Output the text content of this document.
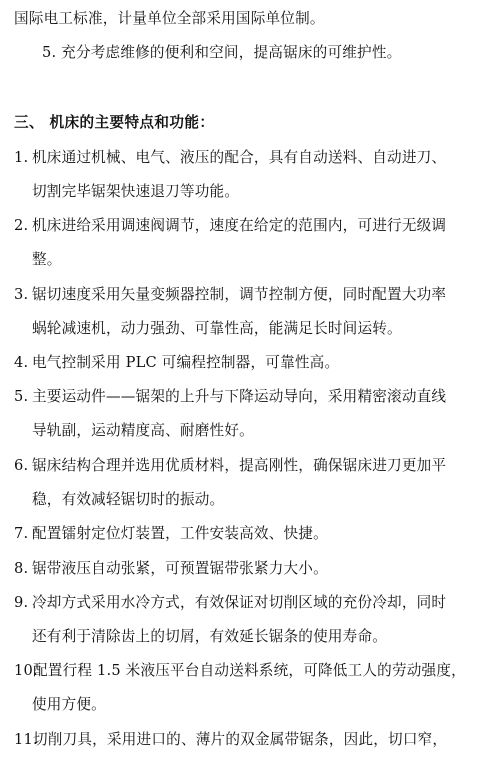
国际电工标准，计量单位全部采用国际单位制。
5. 充分考虑维修的便利和空间，提高锯床的可维护性。
三、 机床的主要特点和功能：
1. 机床通过机械、电气、液压的配合，具有自动送料、自动进刀、
切割完毕锯架快速退刀等功能。
2. 机床进给采用调速阀调节，速度在给定的范围内，可进行无级调
整。
3. 锯切速度采用矢量变频器控制，调节控制方便，同时配置大功率
蜗轮减速机，动力强劲、可靠性高，能满足长时间运转。
4. 电气控制采用 PLC 可编程控制器，可靠性高。
5. 主要运动件——锯架的上升与下降运动导向，采用精密滚动直线
导轨副，运动精度高、耐磨性好。
6. 锯床结构合理并选用优质材料，提高刚性，确保锯床进刀更加平
稳，有效减轻锯切时的振动。
7. 配置镭射定位灯装置，工件安装高效、快捷。
8. 锯带液压自动张紧，可预置锯带张紧力大小。
9. 冷却方式采用水冷方式，有效保证对切削区域的充份冷却，同时
还有利于清除齿上的切屑，有效延长锯条的使用寿命。
10.配置行程 1.5 米液压平台自动送料系统，可降低工人的劳动强度，
使用方便。
11.切削刀具，采用进口的、薄片的双金属带锯条，因此，切口窄，
